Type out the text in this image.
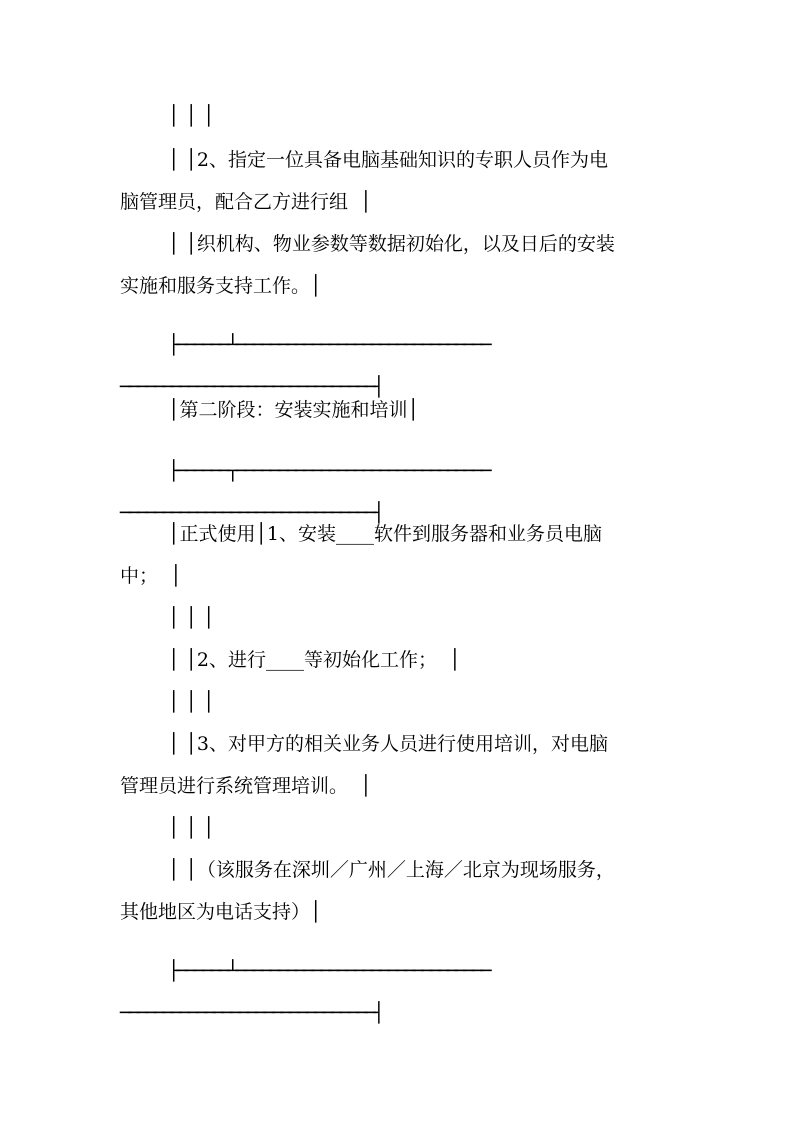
│ │ │

│ │2、指定一位具备电脑基础知识的专职人员作为电

脑管理员，配合乙方进行组  │

│ │织机构、物业参数等数据初始化，以及日后的安装

实施和服务支持工作。│

├──────┴──────────────────────────────

──────────────────────────────┤

│第二阶段：安装实施和培训│

├──────┬──────────────────────────────

──────────────────────────────┤

│正式使用│1、安装____软件到服务器和业务员电脑

中；  │

│ │ │

│ │2、进行____等初始化工作；  │

│ │ │

│ │3、对甲方的相关业务人员进行使用培训，对电脑

管理员进行系统管理培训。  │

│ │ │

│ │（该服务在深圳／广州／上海／北京为现场服务，

其他地区为电话支持）│

├──────┴──────────────────────────────

──────────────────────────────┤
